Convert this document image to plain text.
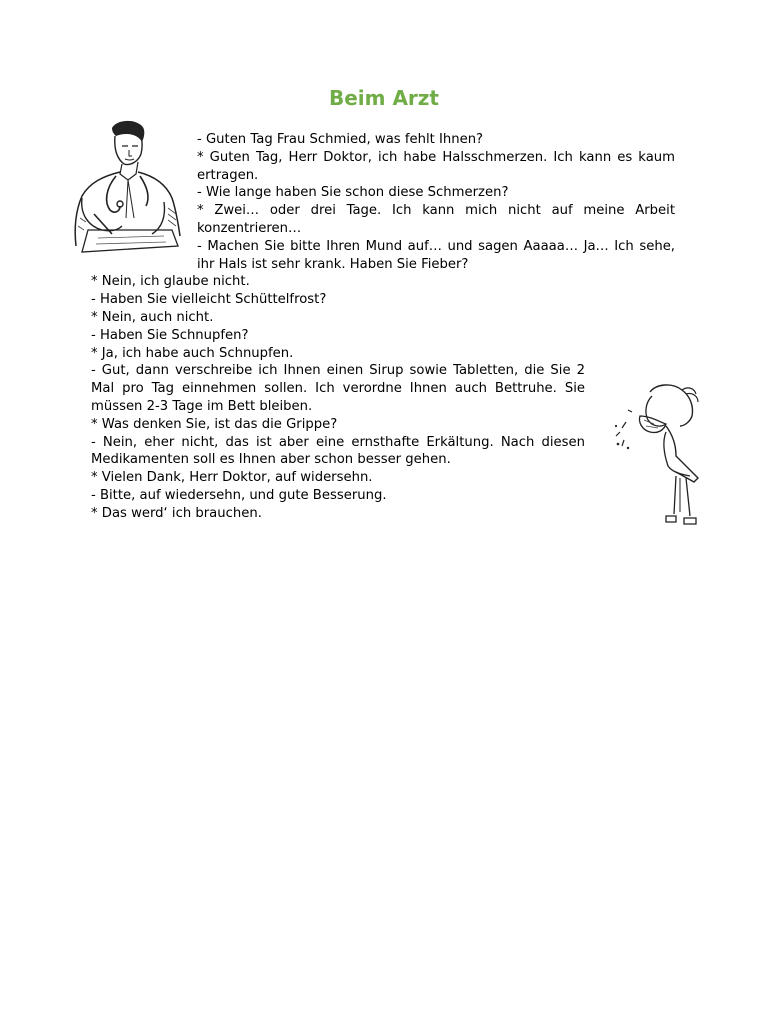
Beim Arzt

- Guten Tag Frau Schmied, was fehlt Ihnen?

* Guten Tag, Herr Doktor, ich habe Halsschmerzen. Ich kann es kaum ertragen.

- Wie lange haben Sie schon diese Schmerzen?

* Zwei… oder drei Tage. Ich kann mich nicht auf meine Arbeit konzentrieren…

- Machen Sie bitte Ihren Mund auf… und sagen Aaaaa… Ja… Ich sehe, ihr Hals ist sehr krank. Haben Sie Fieber?

* Nein, ich glaube nicht.

- Haben Sie vielleicht Schüttelfrost?

* Nein, auch nicht.

- Haben Sie Schnupfen?

* Ja, ich habe auch Schnupfen.

- Gut, dann verschreibe ich Ihnen einen Sirup sowie Tabletten, die Sie 2 Mal pro Tag einnehmen sollen. Ich verordne Ihnen auch Bettruhe. Sie müssen 2-3 Tage im Bett bleiben.

* Was denken Sie, ist das die Grippe?

- Nein, eher nicht, das ist aber eine ernsthafte Erkältung. Nach diesen Medikamenten soll es Ihnen aber schon besser gehen.

* Vielen Dank, Herr Doktor, auf widersehn.

- Bitte, auf wiedersehn, und gute Besserung.

* Das werd‘ ich brauchen.
